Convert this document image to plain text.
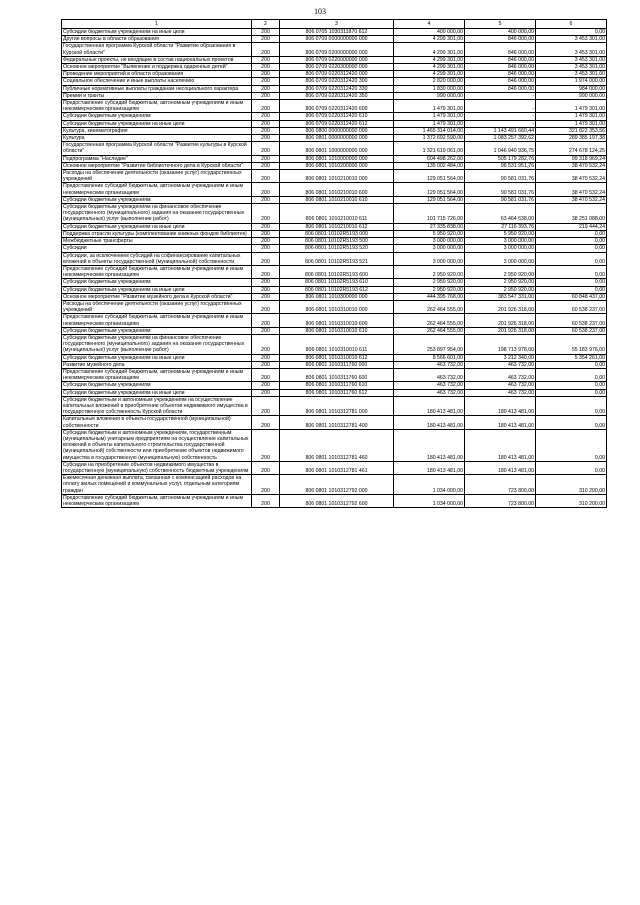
103
1	2	3	4	5	6
Субсидии бюджетным учреждениям на иные цели	200	806 0705 1030311870 612	400 000,00	400 000,00	0,00
Другие вопросы в области образования	200	806 0709 0000000000 000	4 299 301,00	846 000,00	3 453 301,00
Государственная программа Курской области "Развитие образования в Курской области"	200	806 0709 0200000000 000	4 299 301,00	846 000,00	3 453 301,00
Федеральные проекты, не входящие в состав национальных проектов	200	806 0709 0220000000 000	4 299 301,00	846 000,00	3 453 301,00
Основное мероприятие "Выявление и поддержка одаренных детей"	200	806 0709 0220300000 000	4 299 301,00	846 000,00	3 453 301,00
Проведение мероприятий в области образования	200	806 0709 0220312420 000	4 299 301,00	846 000,00	3 453 301,00
Социальное обеспечение и иные выплаты населению	200	806 0709 0220312420 300	2 820 000,00	846 000,00	1 974 000,00
Публичные нормативные выплаты гражданам несоциального характера	200	806 0709 0220312420 330	1 830 000,00	846 000,00	984 000,00
Премии и гранты	200	806 0709 0220312420 350	990 000,00	-	990 000,00
Предоставление субсидий бюджетным, автономным учреждениям и иным некоммерческим организациям	200	806 0709 0220312420 600	1 479 301,00	-	1 479 301,00
Субсидии бюджетным учреждениям	200	806 0709 0220312420 610	1 479 301,00	-	1 479 301,00
Субсидии бюджетным учреждениям на иные цели	200	806 0709 0220312420 612	1 479 301,00	-	1 479 301,00
Культура, кинематография	200	806 0800 0000000000 000	1 465 314 014,00	1 143 491 660,44	321 822 353,56
Культура	200	806 0801 0000000000 000	1 372 692 590,00	1 083 257 392,62	289 385 197,38
Государственная программа Курской области "Развитие культуры в Курской области"	200	806 0801 1000000000 000	1 321 619 061,00	1 046 940 936,75	274 678 124,25
Подпрограмма "Наследие"	200	806 0801 1010000000 000	604 498 262,00	505 179 282,76	99 318 969,24
Основное мероприятие "Развитие библиотечного дела в Курской области"	200	806 0801 1010200000 000	135 002 484,00	96 531 951,76	38 470 532,24
Расходы на обеспечение деятельности (оказание услуг) государственных учреждений	200	806 0801 1010210010 000	129 051 564,00	90 581 031,76	38 470 532,24
Предоставление субсидий бюджетным, автономным учреждениям и иным некоммерческим организациям	200	806 0801 1010210010 600	129 051 564,00	90 581 031,76	38 470 532,24
Субсидии бюджетным учреждениям	200	806 0801 1010210010 610	129 051 564,00	90 581 031,76	38 470 532,24
Субсидии бюджетным учреждениям на финансовое обеспечение государственного (муниципального) задания на оказание государственных (муниципальных) услуг (выполнение работ)	200	806 0801 1010210010 611	101 715 726,00	63 464 638,00	38 251 088,00
Субсидии бюджетным учреждениям на иные цели	200	806 0801 1010210010 612	27 335 838,00	27 116 393,76	219 444,24
Поддержка отрасли культуры (комплектование книжных фондов библиотек)	200	806 0801 10102R5193 000	5 950 920,00	5 950 920,00	0,00
Межбюджетные трансферты	200	806 0801 10102R5193 500	3 000 000,00	3 000 000,00	0,00
Субсидии	200	806 0801 10102R5193 520	3 000 000,00	3 000 000,00	0,00
Субсидии, за исключением субсидий на софинансирование капитальных вложений в объекты государственной (муниципальной) собственности	200	806 0801 10102R5193 521	3 000 000,00	3 000 000,00	0,00
Предоставление субсидий бюджетным, автономным учреждениям и иным некоммерческим организациям	200	806 0801 10102R5193 600	2 950 920,00	2 950 920,00	0,00
Субсидии бюджетным учреждениям	200	806 0801 10102R5193 610	2 950 920,00	2 950 920,00	0,00
Субсидии бюджетным учреждениям на иные цели	200	806 0801 10102R5193 612	2 950 920,00	2 950 920,00	0,00
Основное мероприятие "Развитие музейного дела в Курской области"	200	806 0801 1010300000 000	444 395 768,00	383 547 331,00	60 848 437,00
Расходы на обеспечение деятельности (оказание услуг) государственных учреждений	200	806 0801 1010310010 000	262 464 555,00	201 926 318,00	60 538 237,00
Предоставление субсидий бюджетным, автономным учреждениям и иным некоммерческим организациям	200	806 0801 1010310010 600	262 464 555,00	201 926 318,00	60 538 237,00
Субсидии бюджетным учреждениям	200	806 0801 1010310010 610	262 464 555,00	201 926 318,00	60 538 237,00
Субсидии бюджетным учреждениям на финансовое обеспечение государственного (муниципального) задания на оказание государственных (муниципальных) услуг (выполнение работ)	200	806 0801 1010310010 611	253 897 954,00	198 713 978,00	55 183 976,00
Субсидии бюджетным учреждениям на иные цели	200	806 0801 1010310010 612	8 566 601,00	3 212 340,00	5 354 261,00
Развитие музейного дела	200	806 0801 1010311760 000	463 732,00	463 732,00	0,00
Предоставление субсидий бюджетным, автономным учреждениям и иным некоммерческим организациям	200	806 0801 1010311760 600	463 732,00	463 732,00	0,00
Субсидии бюджетным учреждениям	200	806 0801 1010311760 610	463 732,00	463 732,00	0,00
Субсидии бюджетным учреждениям на иные цели	200	806 0801 1010311760 612	463 732,00	463 732,00	0,00
Субсидии бюджетным и автономным учреждениям на осуществление капитальных вложений в приобретение объектов недвижимого имущества в государственную собственность Курской области	200	806 0801 1010312781 000	180 413 481,00	180 413 481,00	0,00
Капитальные вложения в объекты государственной (муниципальной) собственности	200	806 0801 1010312781 400	180 413 481,00	180 413 481,00	0,00
Субсидии бюджетным и автономным учреждениям, государственным (муниципальным) унитарным предприятиям на осуществление капитальных вложений в объекты капитального строительства государственной (муниципальной) собственности или приобретение объектов недвижимого имущества в государственную (муниципальную) собственность	200	806 0801 1010312781 460	180 413 481,00	180 413 481,00	0,00
Субсидии на приобретение объектов недвижимого имущества в государственную (муниципальную) собственность бюджетным учреждениям	200	806 0801 1010312781 461	180 413 481,00	180 413 481,00	0,00
Ежемесячная денежная выплата, связанная с компенсацией расходов на оплату жилых помещений и коммунальных услуг, отдельным категориям граждан	200	806 0801 1010312792 000	1 034 000,00	723 800,00	310 200,00
Предоставление субсидий бюджетным, автономным учреждениям и иным некоммерческим организациям	200	806 0801 1010312792 600	1 034 000,00	723 800,00	310 200,00
